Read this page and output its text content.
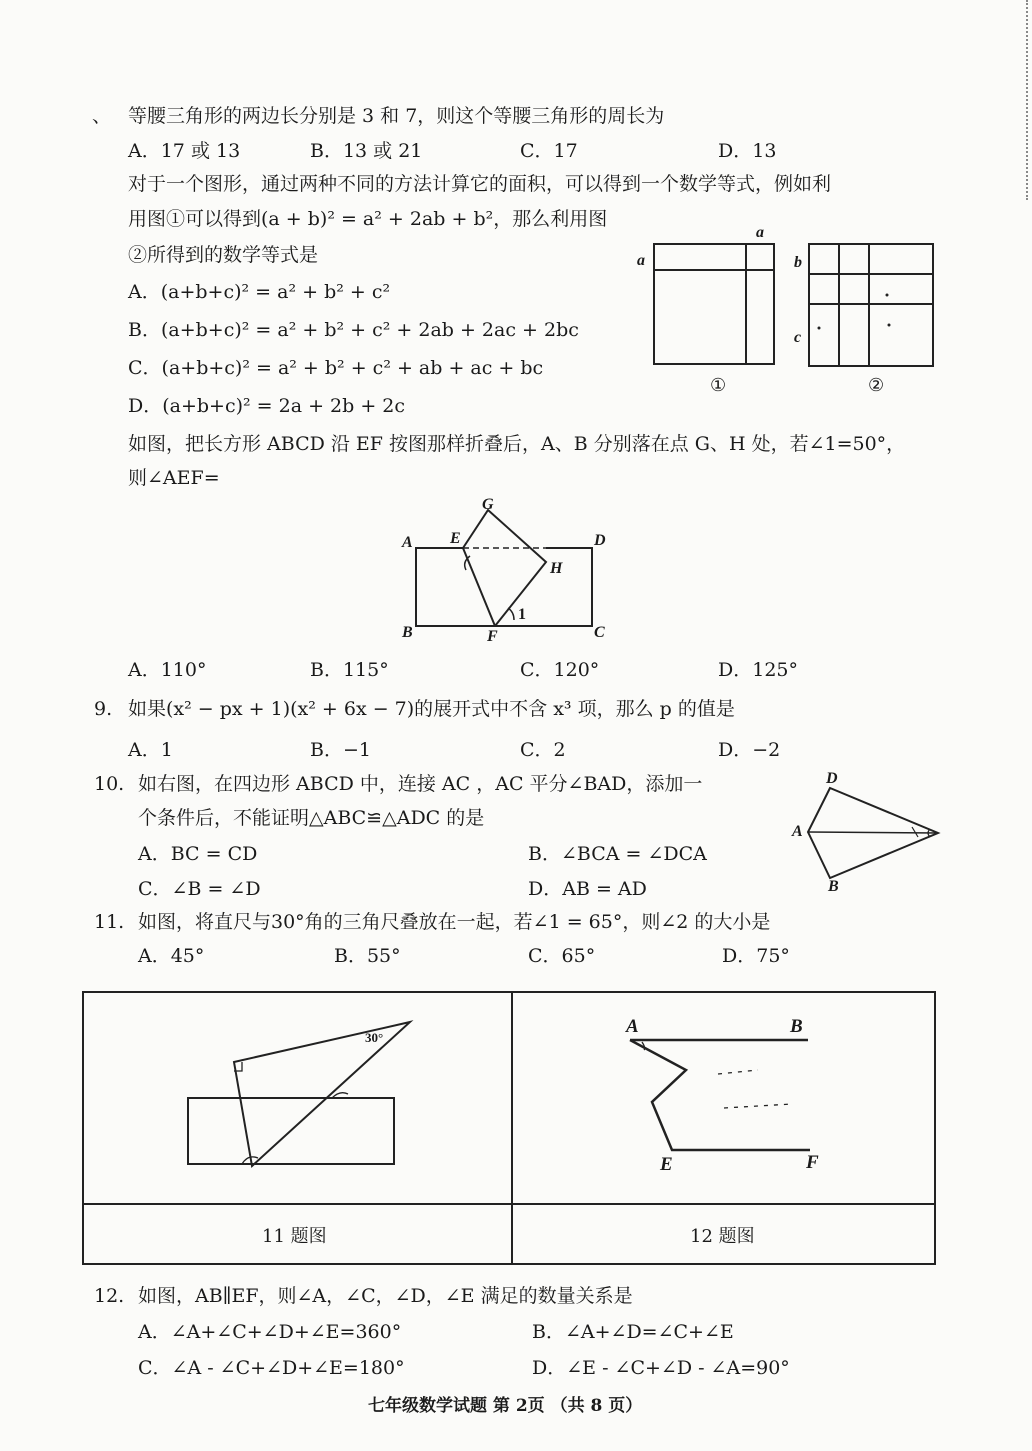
、 等腰三角形的两边长分别是 3 和 7，则这个等腰三角形的周长为
A．17 或 13	B．13 或 21	C．17	D．13
对于一个图形，通过两种不同的方法计算它的面积，可以得到一个数学等式，例如利
用图①可以得到(a + b)² = a² + 2ab + b²，那么利用图
②所得到的数学等式是
A．(a+b+c)² = a² + b² + c²
B．(a+b+c)² = a² + b² + c² + 2ab + 2ac + 2bc
C．(a+b+c)² = a² + b² + c² + ab + ac + bc
D．(a+b+c)² = 2a + 2b + 2c
a
a
①
b
c
②
如图，把长方形 ABCD 沿 EF 按图那样折叠后，A、B 分别落在点 G、H 处，若∠1=50°，
则∠AEF=
A
B	C
D
E
F
G
H
1
A．110°	B．115°	C．120°	D．125°
9. 如果(x² − px + 1)(x² + 6x − 7)的展开式中不含 x³ 项，那么 p 的值是
A．1	B．−1	C．2	D．−2
10. 如右图，在四边形 ABCD 中，连接 AC ，AC 平分∠BAD，添加一
个条件后，不能证明△ABC≌△ADC 的是
A．BC = CD	B．∠BCA = ∠DCA
C．∠B = ∠D	D．AB = AD
D
A
B
11. 如图，将直尺与30°角的三角尺叠放在一起，若∠1 = 65°，则∠2 的大小是
A．45°	B．55°	C．65°	D．75°
30°
11 题图
A	B
E	F
12 题图
12. 如图，AB∥EF，则∠A，∠C，∠D，∠E 满足的数量关系是
A．∠A+∠C+∠D+∠E=360°	B．∠A+∠D=∠C+∠E
C．∠A - ∠C+∠D+∠E=180°	D．∠E - ∠C+∠D - ∠A=90°
七年级数学试题 第 2页 （共 8 页）
